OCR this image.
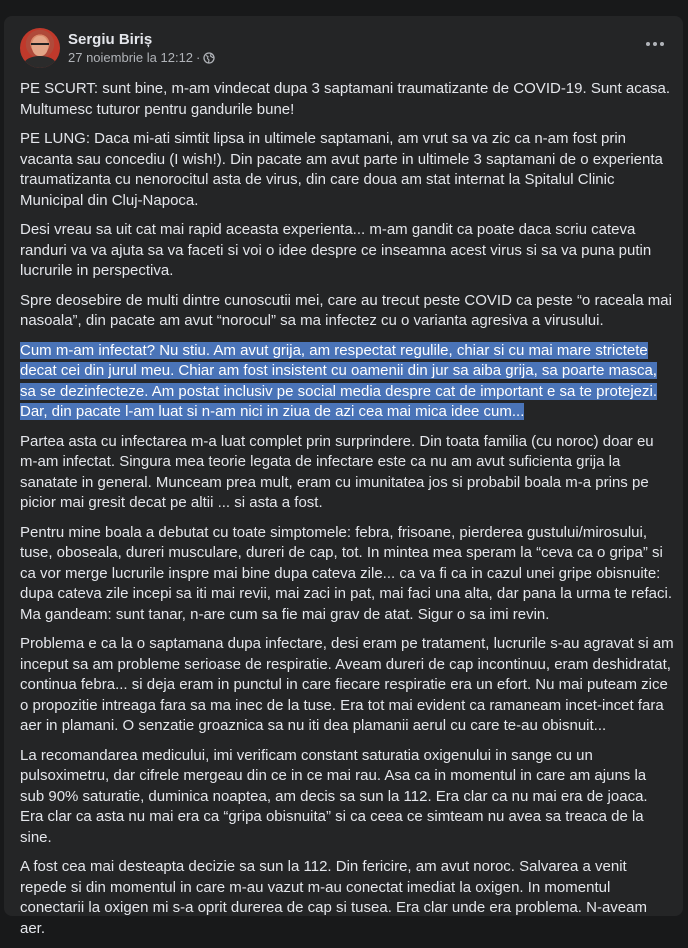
Sergiu Biriș
27 noiembrie la 12:12 ·

PE SCURT: sunt bine, m-am vindecat dupa 3 saptamani traumatizante de COVID-19. Sunt acasa. Multumesc tuturor pentru gandurile bune!

PE LUNG: Daca mi-ati simtit lipsa in ultimele saptamani, am vrut sa va zic ca n-am fost prin vacanta sau concediu (I wish!). Din pacate am avut parte in ultimele 3 saptamani de o experienta traumatizanta cu nenorocitul asta de virus, din care doua am stat internat la Spitalul Clinic Municipal din Cluj-Napoca.

Desi vreau sa uit cat mai rapid aceasta experienta... m-am gandit ca poate daca scriu cateva randuri va va ajuta sa va faceti si voi o idee despre ce inseamna acest virus si sa va puna putin lucrurile in perspectiva.

Spre deosebire de multi dintre cunoscutii mei, care au trecut peste COVID ca peste “o raceala mai nasoala”, din pacate am avut “norocul” sa ma infectez cu o varianta agresiva a virusului.

Cum m-am infectat? Nu stiu. Am avut grija, am respectat regulile, chiar si cu mai mare strictete decat cei din jurul meu. Chiar am fost insistent cu oamenii din jur sa aiba grija, sa poarte masca, sa se dezinfecteze. Am postat inclusiv pe social media despre cat de important e sa te protejezi. Dar, din pacate l-am luat si n-am nici in ziua de azi cea mai mica idee cum...

Partea asta cu infectarea m-a luat complet prin surprindere. Din toata familia (cu noroc) doar eu m-am infectat. Singura mea teorie legata de infectare este ca nu am avut suficienta grija la sanatate in general. Munceam prea mult, eram cu imunitatea jos si probabil boala m-a prins pe picior mai gresit decat pe altii ... si asta a fost.

Pentru mine boala a debutat cu toate simptomele: febra, frisoane, pierderea gustului/mirosului, tuse, oboseala, dureri musculare, dureri de cap, tot. In mintea mea speram la “ceva ca o gripa” si ca vor merge lucrurile inspre mai bine dupa cateva zile... ca va fi ca in cazul unei gripe obisnuite: dupa cateva zile incepi sa iti mai revii, mai zaci in pat, mai faci una alta, dar pana la urma te refaci. Ma gandeam: sunt tanar, n-are cum sa fie mai grav de atat. Sigur o sa imi revin.

Problema e ca la o saptamana dupa infectare, desi eram pe tratament, lucrurile s-au agravat si am inceput sa am probleme serioase de respiratie. Aveam dureri de cap incontinuu, eram deshidratat, continua febra... si deja eram in punctul in care fiecare respiratie era un efort. Nu mai puteam zice o propozitie intreaga fara sa ma inec de la tuse. Era tot mai evident ca ramaneam incet-incet fara aer in plamani. O senzatie groaznica sa nu iti dea plamanii aerul cu care te-au obisnuit...

La recomandarea medicului, imi verificam constant saturatia oxigenului in sange cu un pulsoximetru, dar cifrele mergeau din ce in ce mai rau. Asa ca in momentul in care am ajuns la sub 90% saturatie, duminica noaptea, am decis sa sun la 112. Era clar ca nu mai era de joaca. Era clar ca asta nu mai era ca “gripa obisnuita” si ca ceea ce simteam nu avea sa treaca de la sine.

A fost cea mai desteapta decizie sa sun la 112. Din fericire, am avut noroc. Salvarea a venit repede si din momentul in care m-au vazut m-au conectat imediat la oxigen. In momentul conectarii la oxigen mi s-a oprit durerea de cap si tusea. Era clar unde era problema. N-aveam aer.
